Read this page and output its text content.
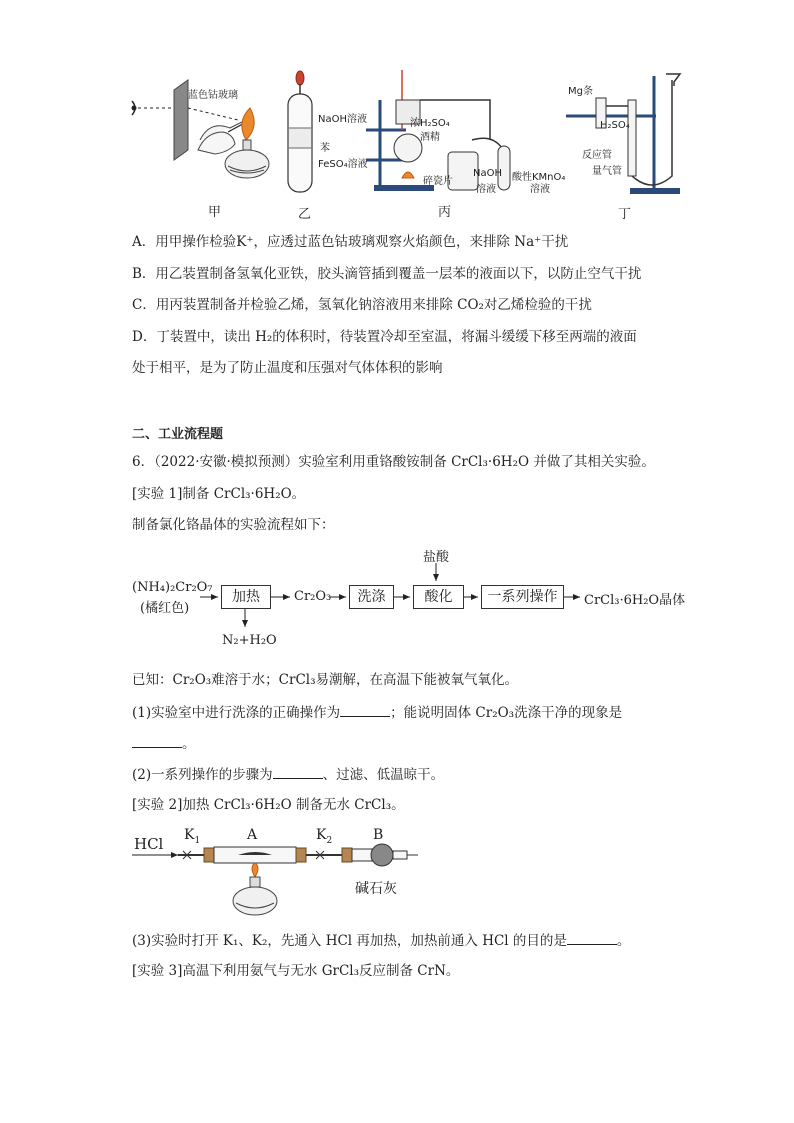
蓝色钴玻璃
NaOH溶液
苯
FeSO₄溶液
浓H₂SO₄
酒精
碎瓷片
NaOH
溶液
酸性KMnO₄
溶液
Mg条
H₂SO₄
反应管
量气管
甲	乙	丙	丁
A．用甲操作检验K⁺，应透过蓝色钴玻璃观察火焰颜色，来排除 Na⁺干扰
B．用乙装置制备氢氧化亚铁，胶头滴管插到覆盖一层苯的液面以下，以防止空气干扰
C．用丙装置制备并检验乙烯，氢氧化钠溶液用来排除 CO₂对乙烯检验的干扰
D．丁装置中，读出 H₂的体积时，待装置冷却至室温，将漏斗缓缓下移至两端的液面
处于相平，是为了防止温度和压强对气体体积的影响
二、工业流程题
6．（2022·安徽·模拟预测）实验室利用重铬酸铵制备 CrCl₃·6H₂O 并做了其相关实验。
[实验 1]制备 CrCl₃·6H₂O。
制备氯化铬晶体的实验流程如下：
(NH₄)₂Cr₂O₇
(橘红色)
加热
N₂+H₂O
Cr₂O₃	洗涤
盐酸
酸化	一系列操作	CrCl₃·6H₂O晶体
已知：Cr₂O₃难溶于水；CrCl₃易潮解，在高温下能被氧气氧化。
(1)实验室中进行洗涤的正确操作为	；能说明固体 Cr₂O₃洗涤干净的现象是
。
(2)一系列操作的步骤为	、过滤、低温晾干。
[实验 2]加热 CrCl₃·6H₂O 制备无水 CrCl₃。
HCl $K_1$	A	$K_2$	B
碱石灰
(3)实验时打开 K₁、K₂，先通入 HCl 再加热，加热前通入 HCl 的目的是	。
[实验 3]高温下利用氨气与无水 GrCl₃反应制备 CrN。
